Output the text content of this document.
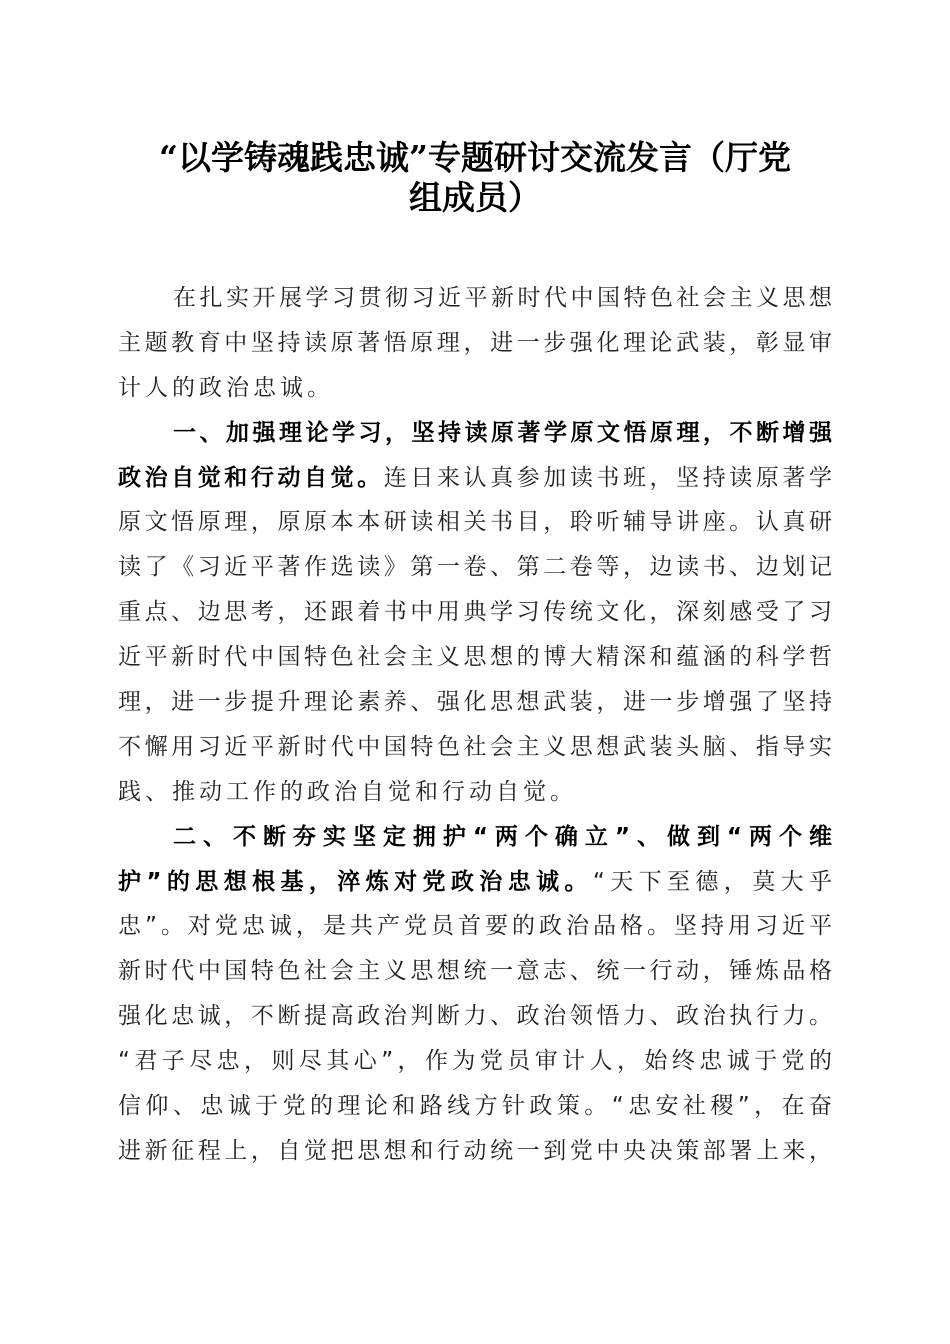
“以学铸魂践忠诚”专题研讨交流发言（厅党
组成员）
在扎实开展学习贯彻习近平新时代中国特色社会主义思想
主题教育中坚持读原著悟原理，进一步强化理论武装，彰显审
计人的政治忠诚。
一、加强理论学习，坚持读原著学原文悟原理，不断增强
政治自觉和行动自觉。连日来认真参加读书班，坚持读原著学
原文悟原理，原原本本研读相关书目，聆听辅导讲座。认真研
读了《习近平著作选读》第一卷、第二卷等，边读书、边划记
重点、边思考，还跟着书中用典学习传统文化，深刻感受了习
近平新时代中国特色社会主义思想的博大精深和蕴涵的科学哲
理，进一步提升理论素养、强化思想武装，进一步增强了坚持
不懈用习近平新时代中国特色社会主义思想武装头脑、指导实
践、推动工作的政治自觉和行动自觉。
二、不断夯实坚定拥护“两个确立”、做到“两个维
护”的思想根基，淬炼对党政治忠诚。“天下至德，莫大乎
忠”。对党忠诚，是共产党员首要的政治品格。坚持用习近平
新时代中国特色社会主义思想统一意志、统一行动，锤炼品格
强化忠诚，不断提高政治判断力、政治领悟力、政治执行力。
“君子尽忠，则尽其心”，作为党员审计人，始终忠诚于党的
信仰、忠诚于党的理论和路线方针政策。“忠安社稷”，在奋
进新征程上，自觉把思想和行动统一到党中央决策部署上来，
